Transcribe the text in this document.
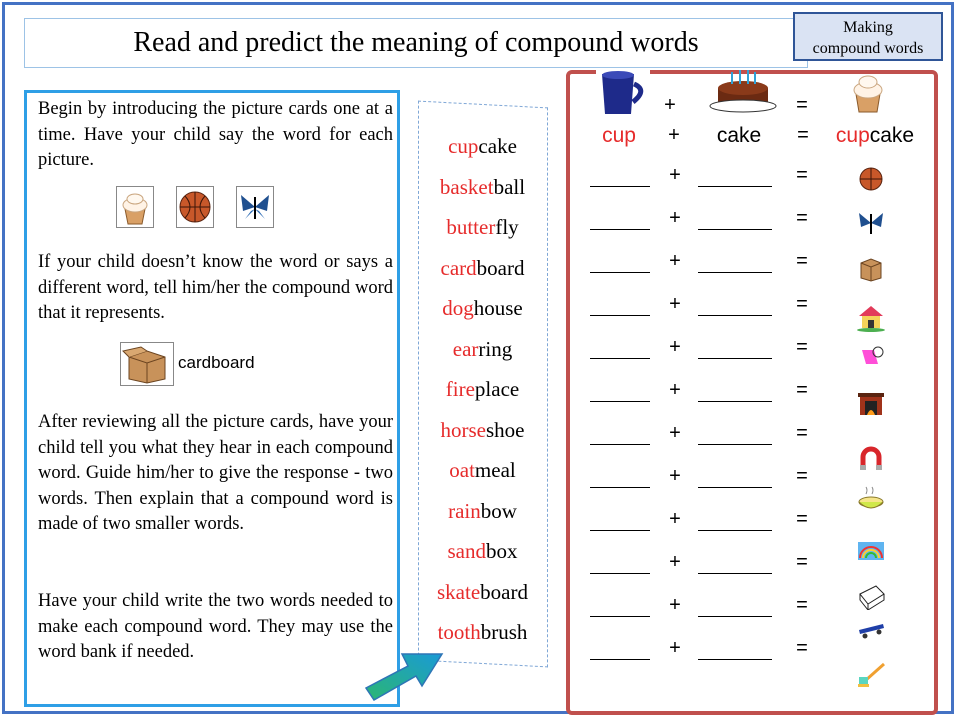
Read and predict the meaning of compound words	Making
compound words
Begin by introducing the picture cards one at a time. Have your child say the word for each picture.
If your child doesn’t know the word or says a different word, tell him/her the compound word that it represents.
cardboard
After reviewing all the picture cards, have your child tell you what they hear in each compound word. Guide him/her to give the response - two words. Then explain that a compound word is made of two smaller words.
Have your child write the two words needed to make each compound word. They may use the word bank if needed.
cupcake
basketball
butterfly
cardboard
doghouse
earring
fireplace
horseshoe
oatmeal
rainbow
sandbox
skateboard
toothbrush
+	=
cup	+	cake	= cupcake
+	=
+	=
+	=
+	=
+	=
+	=
+	=
+	=
+	=
+	=
+	=
+	=
